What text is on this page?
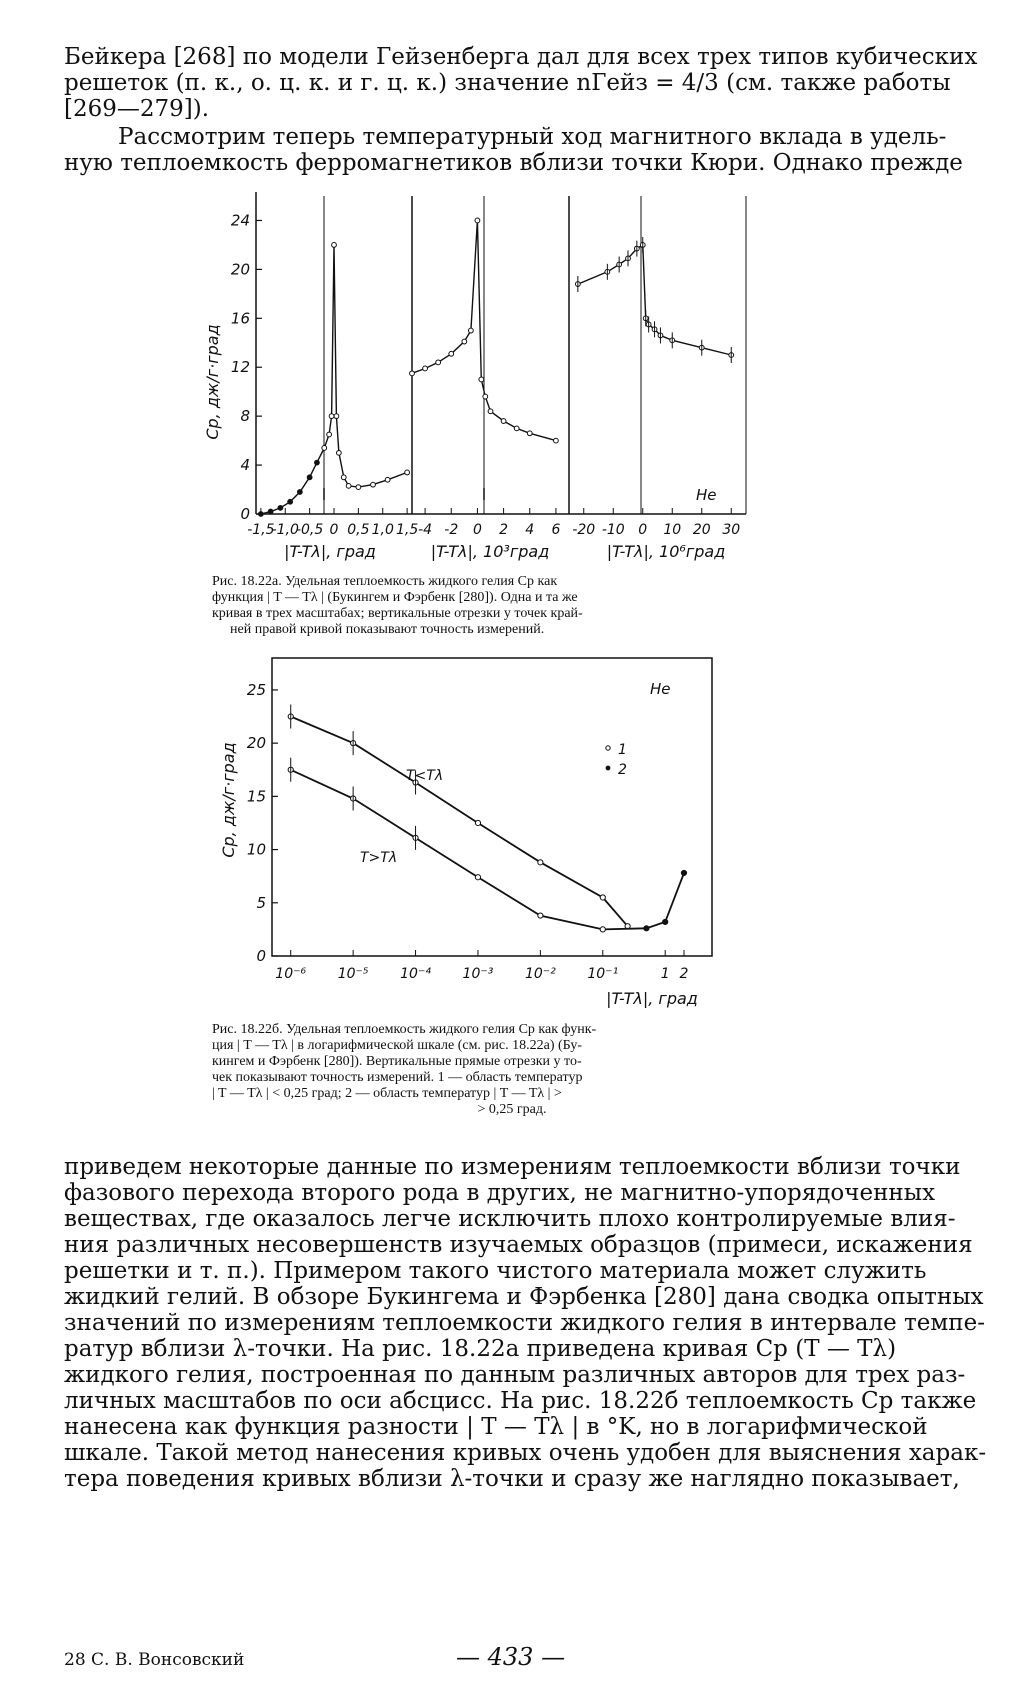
Бейкера [268] по модели Гейзенберга дал для всех трех типов кубических
решеток (п. к., о. ц. к. и г. ц. к.) значение nГейз = 4/3 (см. также работы
[269—279]).
Рассмотрим теперь температурный ход магнитного вклада в удель-
ную теплоемкость ферромагнетиков вблизи точки Кюри. Однако прежде
0
4
8
12
16
20
24
-1,5
-1,0
-0,5 0 0,5 1,0 1,5 -4 -2 0 2 4 6 -20 -10 0 10 20 30
Cp, дж/г·град
He
|T-Tλ|, град	|T-Tλ|, 10³град	|T-Tλ|, 10⁶град
Рис. 18.22а. Удельная теплоемкость жидкого гелия Cp как
функция | T — Tλ | (Букингем и Фэрбенк [280]). Одна и та же
кривая в трех масштабах; вертикальные отрезки у точек край-
ней правой кривой показывают точность измерений.
0
5
10
15
20
25
10⁻⁶ 10⁻⁵ 10⁻⁴ 10⁻³ 10⁻² 10⁻¹	1 2
Cp, дж/г·град
He
1
2
T<Tλ
T>Tλ
|T-Tλ|, град
Рис. 18.22б. Удельная теплоемкость жидкого гелия Cp как функ-
ция | T — Tλ | в логарифмической шкале (см. рис. 18.22а) (Бу-
кингем и Фэрбенк [280]). Вертикальные прямые отрезки у то-
чек показывают точность измерений. 1 — область температур
| T — Tλ | < 0,25 град; 2 — область температур | T — Tλ | >
> 0,25 град.
приведем некоторые данные по измерениям теплоемкости вблизи точки
фазового перехода второго рода в других, не магнитно-упорядоченных
веществах, где оказалось легче исключить плохо контролируемые влия-
ния различных несовершенств изучаемых образцов (примеси, искажения
решетки и т. п.). Примером такого чистого материала может служить
жидкий гелий. В обзоре Букингема и Фэрбенка [280] дана сводка опытных
значений по измерениям теплоемкости жидкого гелия в интервале темпе-
ратур вблизи λ-точки. На рис. 18.22а приведена кривая Cp (T — Tλ)
жидкого гелия, построенная по данным различных авторов для трех раз-
личных масштабов по оси абсцисс. На рис. 18.22б теплоемкость Cp также
нанесена как функция разности | T — Tλ | в °K, но в логарифмической
шкале. Такой метод нанесения кривых очень удобен для выяснения харак-
тера поведения кривых вблизи λ-точки и сразу же наглядно показывает,
28 С. В. Вонсовский	— 433 —
